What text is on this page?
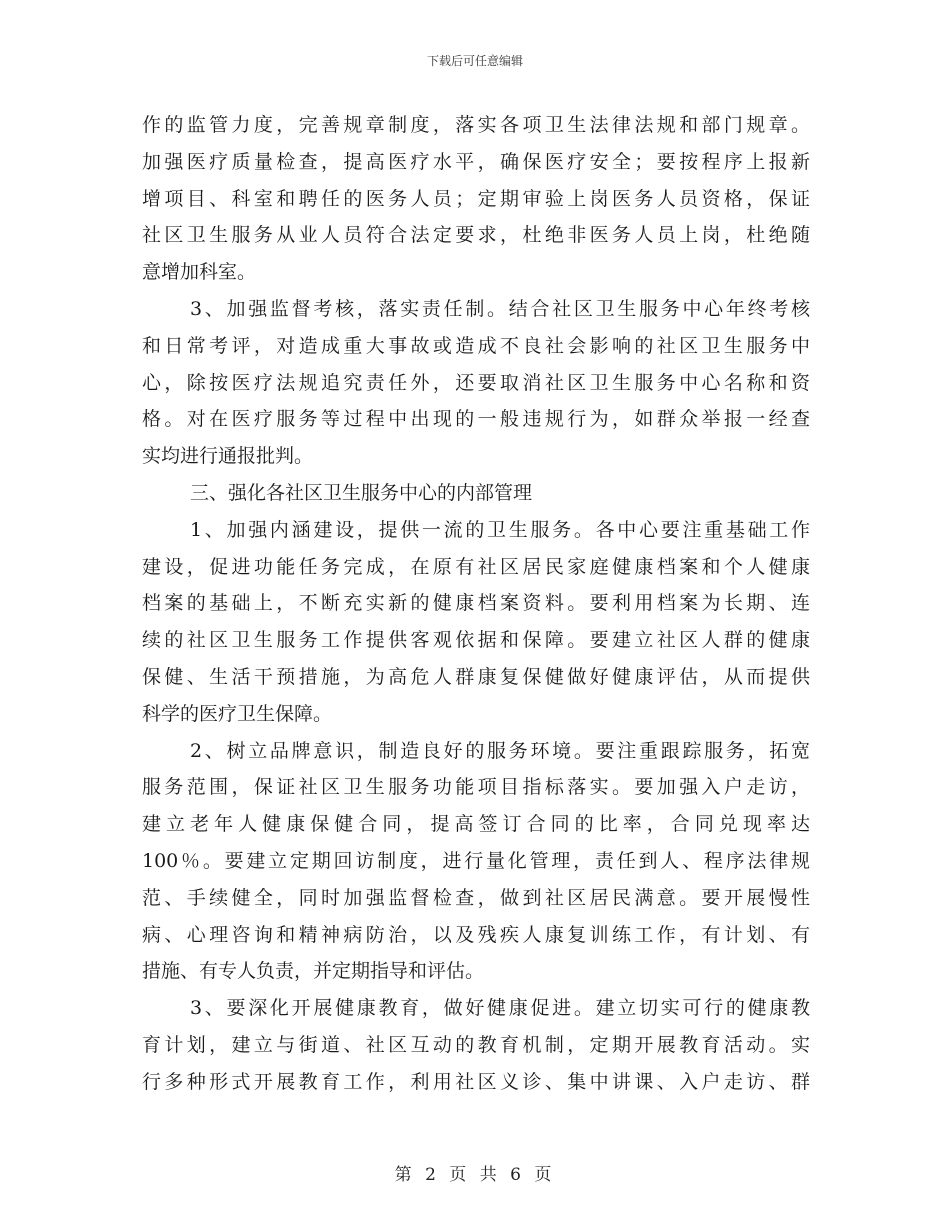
下载后可任意编辑
作的监管力度，完善规章制度，落实各项卫生法律法规和部门规章。
加强医疗质量检查，提高医疗水平，确保医疗安全；要按程序上报新
增项目、科室和聘任的医务人员；定期审验上岗医务人员资格，保证
社区卫生服务从业人员符合法定要求，杜绝非医务人员上岗，杜绝随
意增加科室。
3、加强监督考核，落实责任制。结合社区卫生服务中心年终考核
和日常考评，对造成重大事故或造成不良社会影响的社区卫生服务中
心，除按医疗法规追究责任外，还要取消社区卫生服务中心名称和资
格。对在医疗服务等过程中出现的一般违规行为，如群众举报一经查
实均进行通报批判。
三、强化各社区卫生服务中心的内部管理
1、加强内涵建设，提供一流的卫生服务。各中心要注重基础工作
建设，促进功能任务完成，在原有社区居民家庭健康档案和个人健康
档案的基础上，不断充实新的健康档案资料。要利用档案为长期、连
续的社区卫生服务工作提供客观依据和保障。要建立社区人群的健康
保健、生活干预措施，为高危人群康复保健做好健康评估，从而提供
科学的医疗卫生保障。
2、树立品牌意识，制造良好的服务环境。要注重跟踪服务，拓宽
服务范围，保证社区卫生服务功能项目指标落实。要加强入户走访，
建立老年人健康保健合同，提高签订合同的比率，合同兑现率达
100％。要建立定期回访制度，进行量化管理，责任到人、程序法律规
范、手续健全，同时加强监督检查，做到社区居民满意。要开展慢性
病、心理咨询和精神病防治，以及残疾人康复训练工作，有计划、有
措施、有专人负责，并定期指导和评估。
3、要深化开展健康教育，做好健康促进。建立切实可行的健康教
育计划，建立与街道、社区互动的教育机制，定期开展教育活动。实
行多种形式开展教育工作，利用社区义诊、集中讲课、入户走访、群
第 2 页 共 6 页
